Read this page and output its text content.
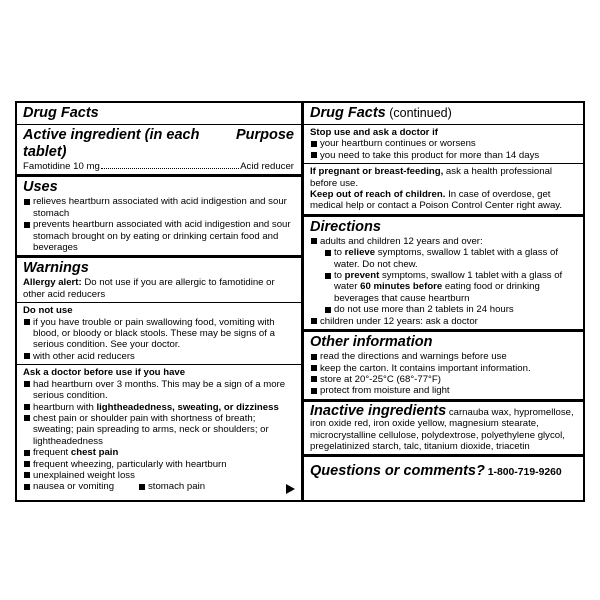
Drug Facts
Active ingredient (in each tablet)
Purpose
Famotidine 10 mg	Acid reducer
Uses
relieves heartburn associated with acid indigestion and sour stomach
prevents heartburn associated with acid indigestion and sour stomach brought on by eating or drinking certain food and beverages
Warnings

Allergy alert: Do not use if you are allergic to famotidine or other acid reducers

Do not use

if you have trouble or pain swallowing food, vomiting with blood, or bloody or black stools. These may be signs of a serious condition. See your doctor.
with other acid reducers

Ask a doctor before use if you have

had heartburn over 3 months. This may be a sign of a more serious condition.
heartburn with lightheadedness, sweating, or dizziness
chest pain or shoulder pain with shortness of breath; sweating; pain spreading to arms, neck or shoulders; or lightheadedness
frequent chest pain
frequent wheezing, particularly with heartburn
unexplained weight loss
nausea or vomiting	stomach pain
Drug Facts (continued)

Stop use and ask a doctor if

your heartburn continues or worsens
you need to take this product for more than 14 days

If pregnant or breast-feeding, ask a health professional before use.

Keep out of reach of children. In case of overdose, get medical help or contact a Poison Control Center right away.

Directions
adults and children 12 years and over:
to relieve symptoms, swallow 1 tablet with a glass of water. Do not chew.
to prevent symptoms, swallow 1 tablet with a glass of water 60 minutes before eating food or drinking beverages that cause heartburn
do not use more than 2 tablets in 24 hours
children under 12 years: ask a doctor
Other information
read the directions and warnings before use
keep the carton. It contains important information.
store at 20°-25°C (68°-77°F)
protect from moisture and light

Inactive ingredients carnauba wax, hypromellose, iron oxide red, iron oxide yellow, magnesium stearate, microcrystalline cellulose, polydextrose, polyethylene glycol, pregelatinized starch, talc, titanium dioxide, triacetin

Questions or comments? 1-800-719-9260
